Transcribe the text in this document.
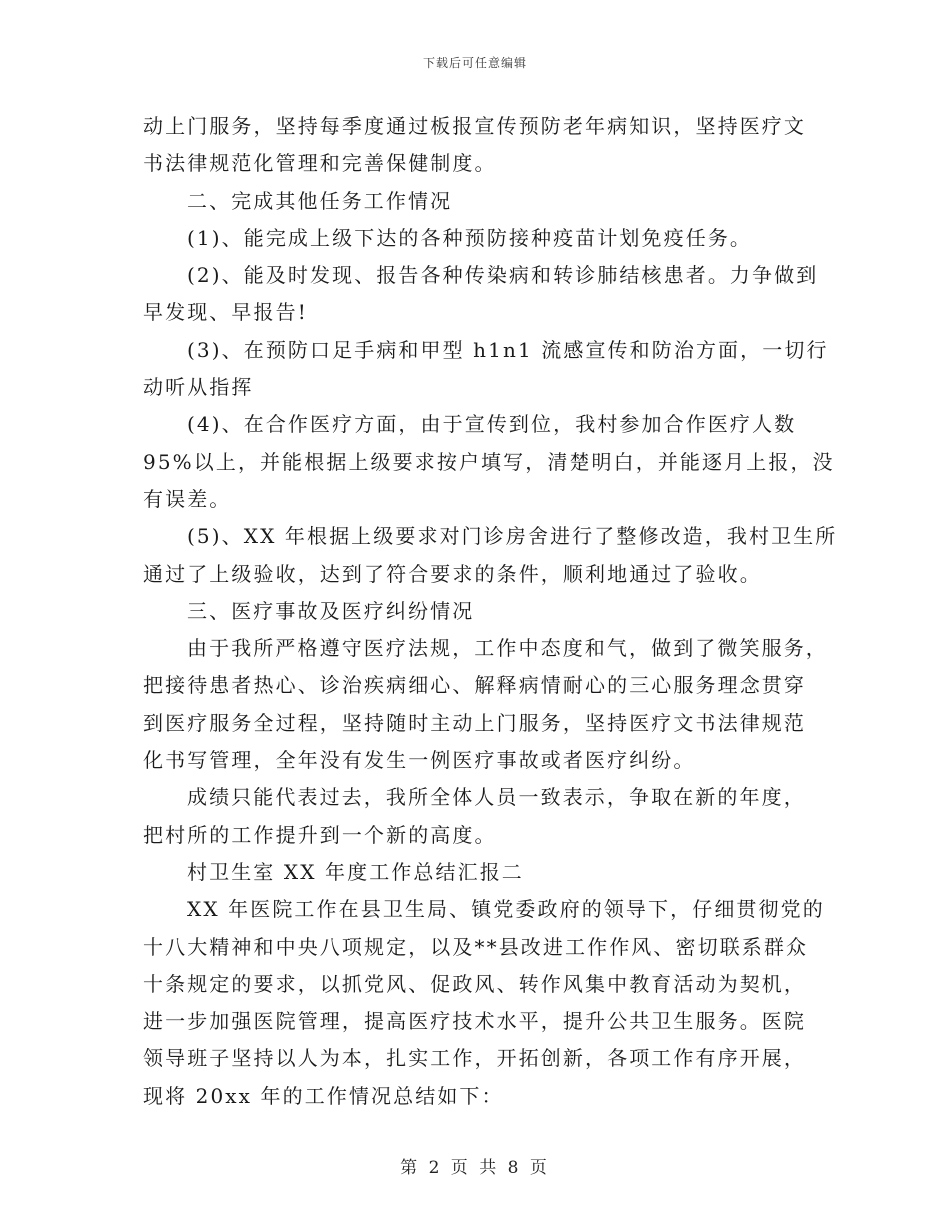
下载后可任意编辑
动上门服务，坚持每季度通过板报宣传预防老年病知识，坚持医疗文
书法律规范化管理和完善保健制度。
二、完成其他任务工作情况
(1)、能完成上级下达的各种预防接种疫苗计划免疫任务。
(2)、能及时发现、报告各种传染病和转诊肺结核患者。力争做到
早发现、早报告!
(3)、在预防口足手病和甲型 h1n1 流感宣传和防治方面，一切行
动听从指挥
(4)、在合作医疗方面，由于宣传到位，我村参加合作医疗人数
95%以上，并能根据上级要求按户填写，清楚明白，并能逐月上报，没
有误差。
(5)、XX 年根据上级要求对门诊房舍进行了整修改造，我村卫生所
通过了上级验收，达到了符合要求的条件，顺利地通过了验收。
三、医疗事故及医疗纠纷情况
由于我所严格遵守医疗法规，工作中态度和气，做到了微笑服务，
把接待患者热心、诊治疾病细心、解释病情耐心的三心服务理念贯穿
到医疗服务全过程，坚持随时主动上门服务，坚持医疗文书法律规范
化书写管理，全年没有发生一例医疗事故或者医疗纠纷。
成绩只能代表过去，我所全体人员一致表示，争取在新的年度，
把村所的工作提升到一个新的高度。
村卫生室 XX 年度工作总结汇报二
XX 年医院工作在县卫生局、镇党委政府的领导下，仔细贯彻党的
十八大精神和中央八项规定，以及**县改进工作作风、密切联系群众
十条规定的要求，以抓党风、促政风、转作风集中教育活动为契机，
进一步加强医院管理，提高医疗技术水平，提升公共卫生服务。医院
领导班子坚持以人为本，扎实工作，开拓创新，各项工作有序开展，
现将 20xx 年的工作情况总结如下：
第 2 页 共 8 页
